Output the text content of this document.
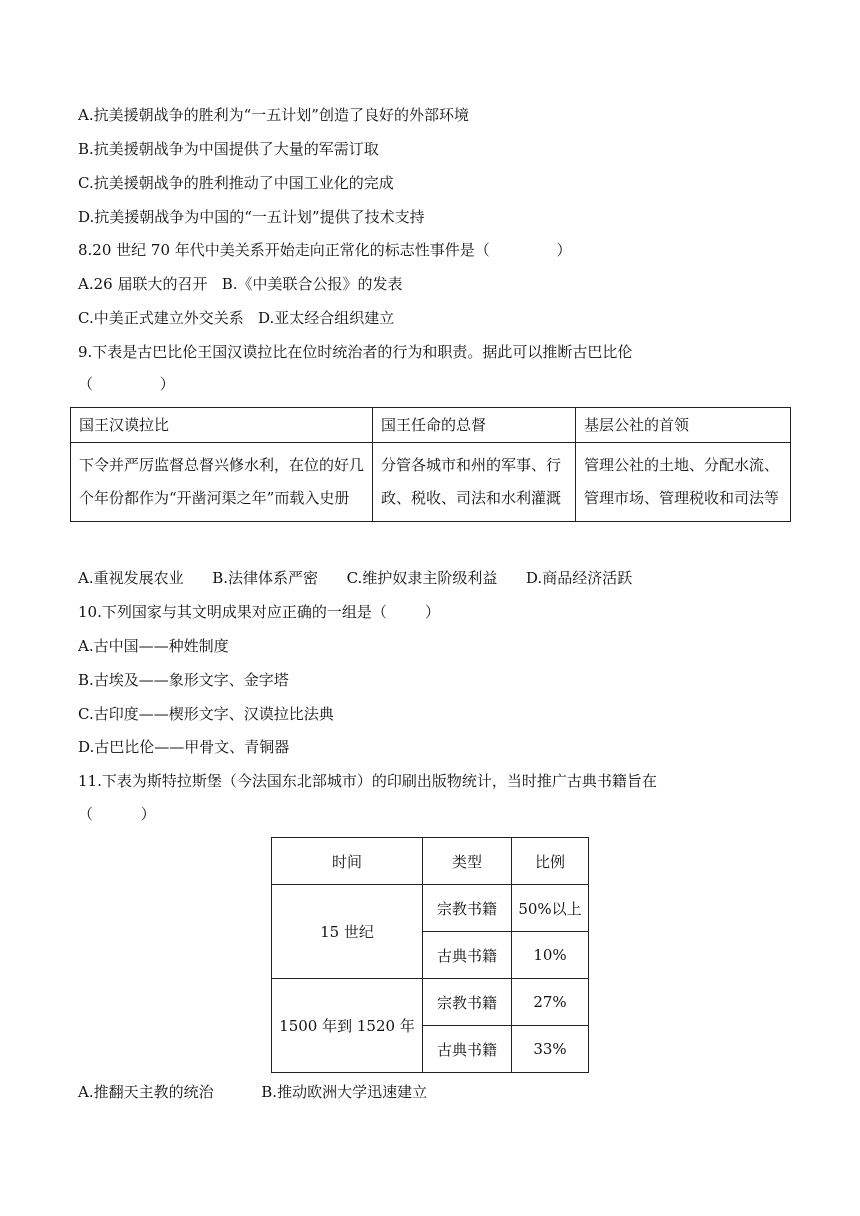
A.抗美援朝战争的胜利为“一五计划”创造了良好的外部环境
B.抗美援朝战争为中国提供了大量的军需订取
C.抗美援朝战争的胜利推动了中国工业化的完成
D.抗美援朝战争为中国的“一五计划”提供了技术支持
8.20 世纪 70 年代中美关系开始走向正常化的标志性事件是（              ）
A.26 届联大的召开   B.《中美联合公报》的发表
C.中美正式建立外交关系   D.亚太经合组织建立
9.下表是古巴比伦王国汉谟拉比在位时统治者的行为和职责。据此可以推断古巴比伦
（              ）
国王汉谟拉比	国王任命的总督	基层公社的首领
下令并严厉监督总督兴修水利，在位的好几个年份都作为“开凿河渠之年”而载入史册	分管各城市和州的军事、行政、税收、司法和水利灌溉	管理公社的土地、分配水流、管理市场、管理税收和司法等
A.重视发展农业      B.法律体系严密      C.维护奴隶主阶级利益      D.商品经济活跃
10.下列国家与其文明成果对应正确的一组是（        ）
A.古中国——种姓制度
B.古埃及——象形文字、金字塔
C.古印度——楔形文字、汉谟拉比法典
D.古巴比伦——甲骨文、青铜器
11.下表为斯特拉斯堡（今法国东北部城市）的印刷出版物统计，当时推广古典书籍旨在
（          ）
时间	类型	比例
15 世纪	宗教书籍	50%以上
	古典书籍	10%
1500 年到 1520 年	宗教书籍	27%
	古典书籍	33%
A.推翻天主教的统治          B.推动欧洲大学迅速建立
